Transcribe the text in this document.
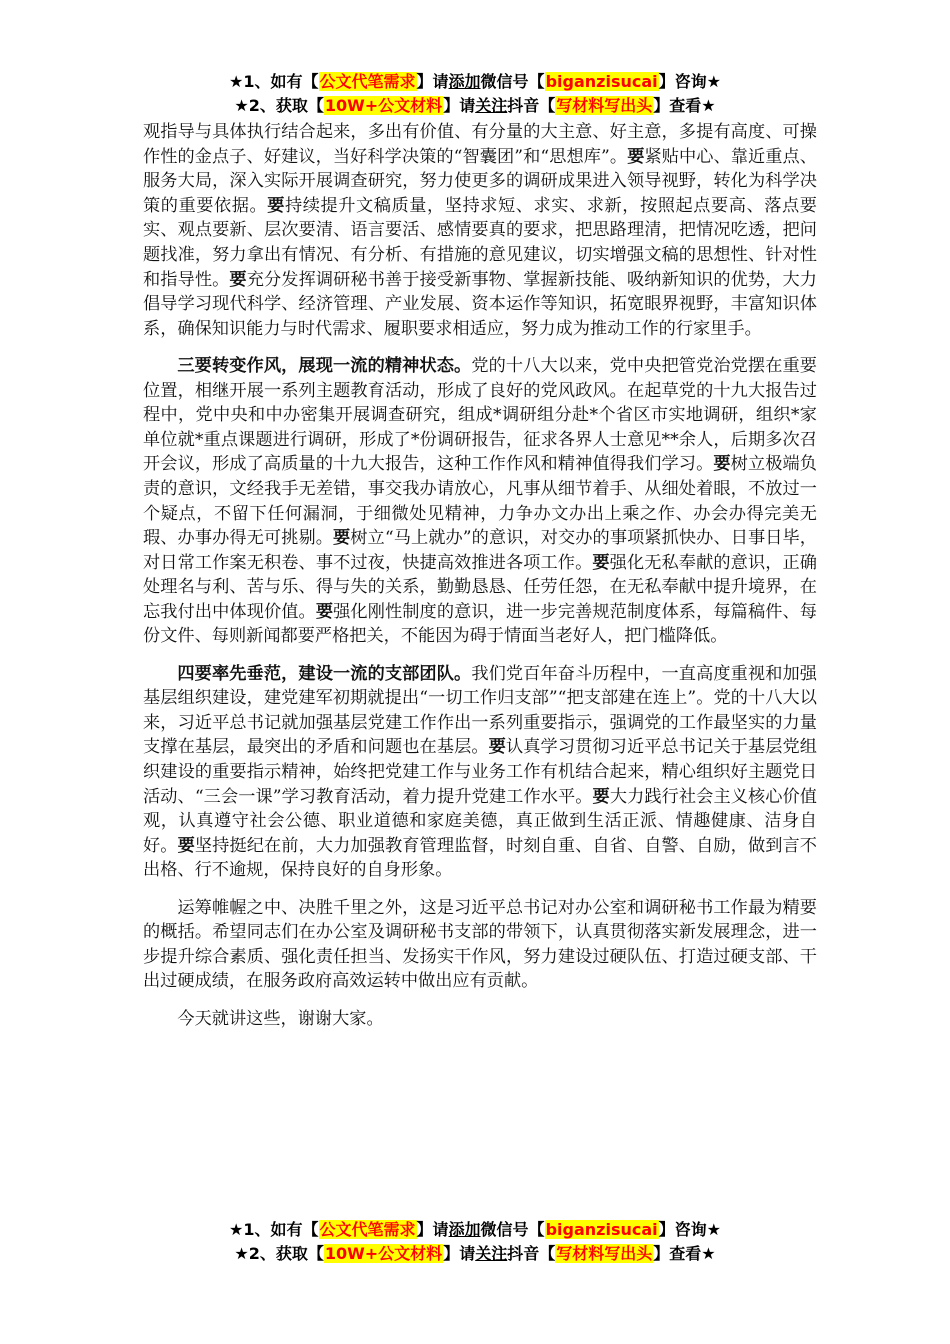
★1、如有【公文代笔需求】请添加微信号【biganzisucai】咨询★
★2、获取【10W+公文材料】请关注抖音【写材料写出头】查看★

观指导与具体执行结合起来，多出有价值、有分量的大主意、好主意，多提有高度、可操作性的金点子、好建议，当好科学决策的“智囊团”和“思想库”。要紧贴中心、靠近重点、服务大局，深入实际开展调查研究，努力使更多的调研成果进入领导视野，转化为科学决策的重要依据。要持续提升文稿质量，坚持求短、求实、求新，按照起点要高、落点要实、观点要新、层次要清、语言要活、感情要真的要求，把思路理清，把情况吃透，把问题找准，努力拿出有情况、有分析、有措施的意见建议，切实增强文稿的思想性、针对性和指导性。要充分发挥调研秘书善于接受新事物、掌握新技能、吸纳新知识的优势，大力倡导学习现代科学、经济管理、产业发展、资本运作等知识，拓宽眼界视野，丰富知识体系，确保知识能力与时代需求、履职要求相适应，努力成为推动工作的行家里手。

三要转变作风，展现一流的精神状态。党的十八大以来，党中央把管党治党摆在重要位置，相继开展一系列主题教育活动，形成了良好的党风政风。在起草党的十九大报告过程中，党中央和中办密集开展调查研究，组成*调研组分赴*个省区市实地调研，组织*家单位就*重点课题进行调研，形成了*份调研报告，征求各界人士意见**余人，后期多次召开会议，形成了高质量的十九大报告，这种工作作风和精神值得我们学习。要树立极端负责的意识，文经我手无差错，事交我办请放心，凡事从细节着手、从细处着眼，不放过一个疑点，不留下任何漏洞，于细微处见精神，力争办文办出上乘之作、办会办得完美无瑕、办事办得无可挑剔。要树立“马上就办”的意识，对交办的事项紧抓快办、日事日毕，对日常工作案无积卷、事不过夜，快捷高效推进各项工作。要强化无私奉献的意识，正确处理名与利、苦与乐、得与失的关系，勤勤恳恳、任劳任怨，在无私奉献中提升境界，在忘我付出中体现价值。要强化刚性制度的意识，进一步完善规范制度体系，每篇稿件、每份文件、每则新闻都要严格把关，不能因为碍于情面当老好人，把门槛降低。

四要率先垂范，建设一流的支部团队。我们党百年奋斗历程中，一直高度重视和加强基层组织建设，建党建军初期就提出“一切工作归支部”“把支部建在连上”。党的十八大以来，习近平总书记就加强基层党建工作作出一系列重要指示，强调党的工作最坚实的力量支撑在基层，最突出的矛盾和问题也在基层。要认真学习贯彻习近平总书记关于基层党组织建设的重要指示精神，始终把党建工作与业务工作有机结合起来，精心组织好主题党日活动、“三会一课”学习教育活动，着力提升党建工作水平。要大力践行社会主义核心价值观，认真遵守社会公德、职业道德和家庭美德，真正做到生活正派、情趣健康、洁身自好。要坚持挺纪在前，大力加强教育管理监督，时刻自重、自省、自警、自励，做到言不出格、行不逾规，保持良好的自身形象。

运筹帷幄之中、决胜千里之外，这是习近平总书记对办公室和调研秘书工作最为精要的概括。希望同志们在办公室及调研秘书支部的带领下，认真贯彻落实新发展理念，进一步提升综合素质、强化责任担当、发扬实干作风，努力建设过硬队伍、打造过硬支部、干出过硬成绩，在服务政府高效运转中做出应有贡献。

今天就讲这些，谢谢大家。

★1、如有【公文代笔需求】请添加微信号【biganzisucai】咨询★
★2、获取【10W+公文材料】请关注抖音【写材料写出头】查看★
